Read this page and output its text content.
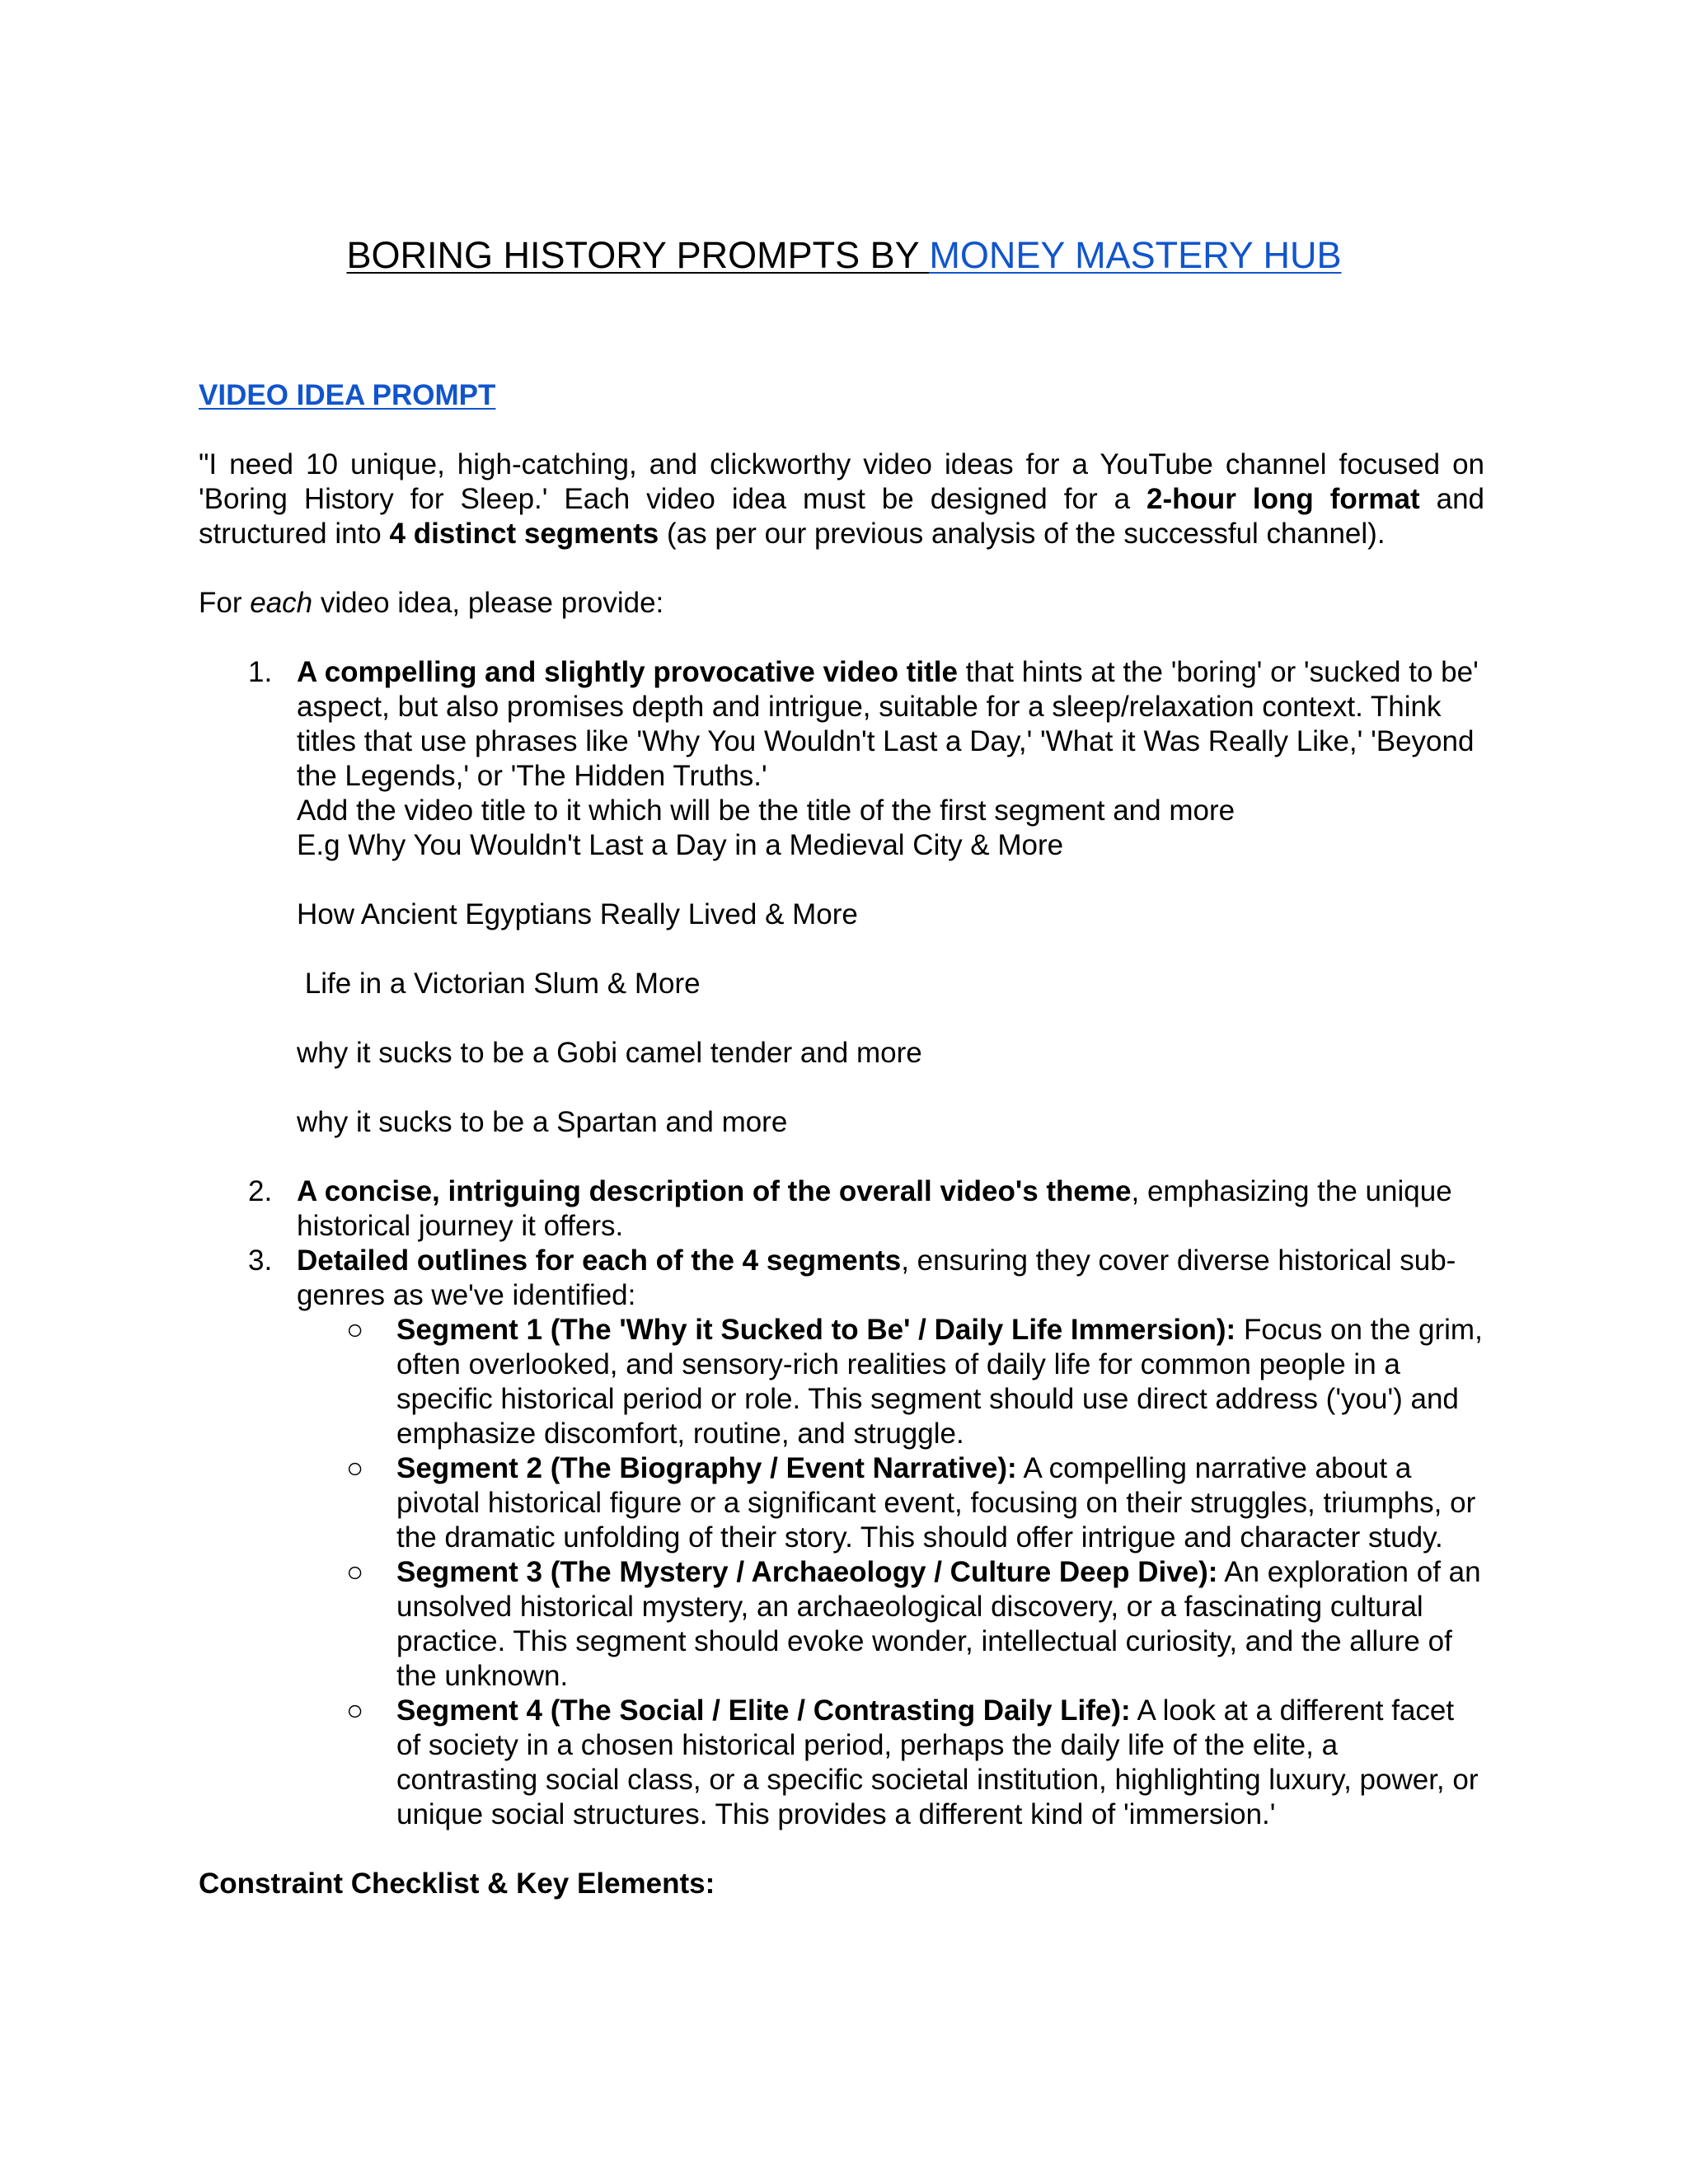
BORING HISTORY PROMPTS BY MONEY MASTERY HUB
VIDEO IDEA PROMPT

"I need 10 unique, high-catching, and clickworthy video ideas for a YouTube channel focused on 'Boring History for Sleep.' Each video idea must be designed for a 2-hour long format and structured into 4 distinct segments (as per our previous analysis of the successful channel).

For each video idea, please provide:

1. A compelling and slightly provocative video title that hints at the 'boring' or 'sucked to be' aspect, but also promises depth and intrigue, suitable for a sleep/relaxation context. Think titles that use phrases like 'Why You Wouldn't Last a Day,' 'What it Was Really Like,' 'Beyond the Legends,' or 'The Hidden Truths.'
Add the video title to it which will be the title of the first segment and more
E.g Why You Wouldn't Last a Day in a Medieval City & More
How Ancient Egyptians Really Lived & More
Life in a Victorian Slum & More
why it sucks to be a Gobi camel tender and more
why it sucks to be a Spartan and more
2. A concise, intriguing description of the overall video's theme, emphasizing the unique historical journey it offers.
3. Detailed outlines for each of the 4 segments, ensuring they cover diverse historical sub-genres as we've identified:
○ Segment 1 (The 'Why it Sucked to Be' / Daily Life Immersion): Focus on the grim, often overlooked, and sensory-rich realities of daily life for common people in a specific historical period or role. This segment should use direct address ('you') and emphasize discomfort, routine, and struggle.
○ Segment 2 (The Biography / Event Narrative): A compelling narrative about a pivotal historical figure or a significant event, focusing on their struggles, triumphs, or the dramatic unfolding of their story. This should offer intrigue and character study.
○ Segment 3 (The Mystery / Archaeology / Culture Deep Dive): An exploration of an unsolved historical mystery, an archaeological discovery, or a fascinating cultural practice. This segment should evoke wonder, intellectual curiosity, and the allure of the unknown.
○ Segment 4 (The Social / Elite / Contrasting Daily Life): A look at a different facet of society in a chosen historical period, perhaps the daily life of the elite, a contrasting social class, or a specific societal institution, highlighting luxury, power, or unique social structures. This provides a different kind of 'immersion.'

Constraint Checklist & Key Elements:
